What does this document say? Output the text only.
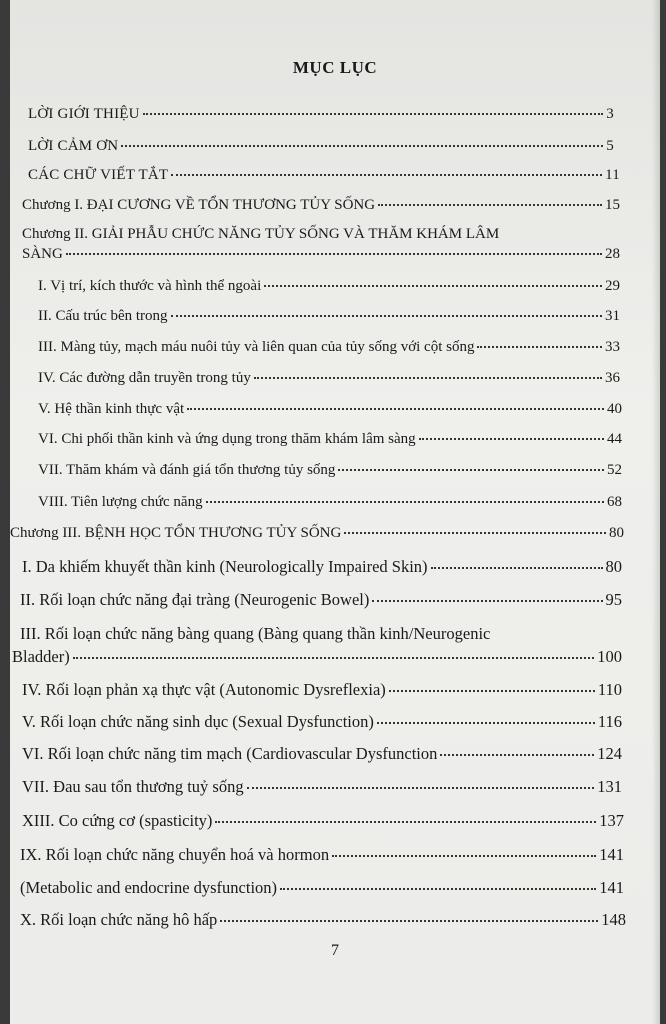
MỤC LỤC
LỜI GIỚI THIỆU	3
LỜI CẢM ƠN	5
CÁC CHỮ VIẾT TẮT	11
Chương I. ĐẠI CƯƠNG VỀ TỔN THƯƠNG TỦY SỐNG	15
Chương II. GIẢI PHẪU CHỨC NĂNG TỦY SỐNG VÀ THĂM KHÁM LÂM
SÀNG	28
I. Vị trí, kích thước và hình thể ngoài	29
II. Cấu trúc bên trong	31
III. Màng tủy, mạch máu nuôi tủy và liên quan của tủy sống với cột sống	33
IV. Các đường dẫn truyền trong tủy	36
V. Hệ thần kinh thực vật	40
VI. Chi phối thần kinh và ứng dụng trong thăm khám lâm sàng	44
VII. Thăm khám và đánh giá tổn thương tủy sống	52
VIII. Tiên lượng chức năng	68
Chương III. BỆNH HỌC TỔN THƯƠNG TỦY SỐNG	80
I. Da khiếm khuyết thần kinh (Neurologically Impaired Skin)	80
II. Rối loạn chức năng đại tràng (Neurogenic Bowel)	95
III. Rối loạn chức năng bàng quang (Bàng quang thần kinh/Neurogenic
Bladder)	100
IV. Rối loạn phản xạ thực vật (Autonomic Dysreflexia)	110
V. Rối loạn chức năng sinh dục (Sexual Dysfunction)	116
VI. Rối loạn chức năng tim mạch (Cardiovascular Dysfunction	124
VII. Đau sau tổn thương tuỷ sống	131
XIII. Co cứng cơ (spasticity)	137
IX. Rối loạn chức năng chuyển hoá và hormon	141
(Metabolic and endocrine dysfunction)	141
X. Rối loạn chức năng hô hấp	148
7
